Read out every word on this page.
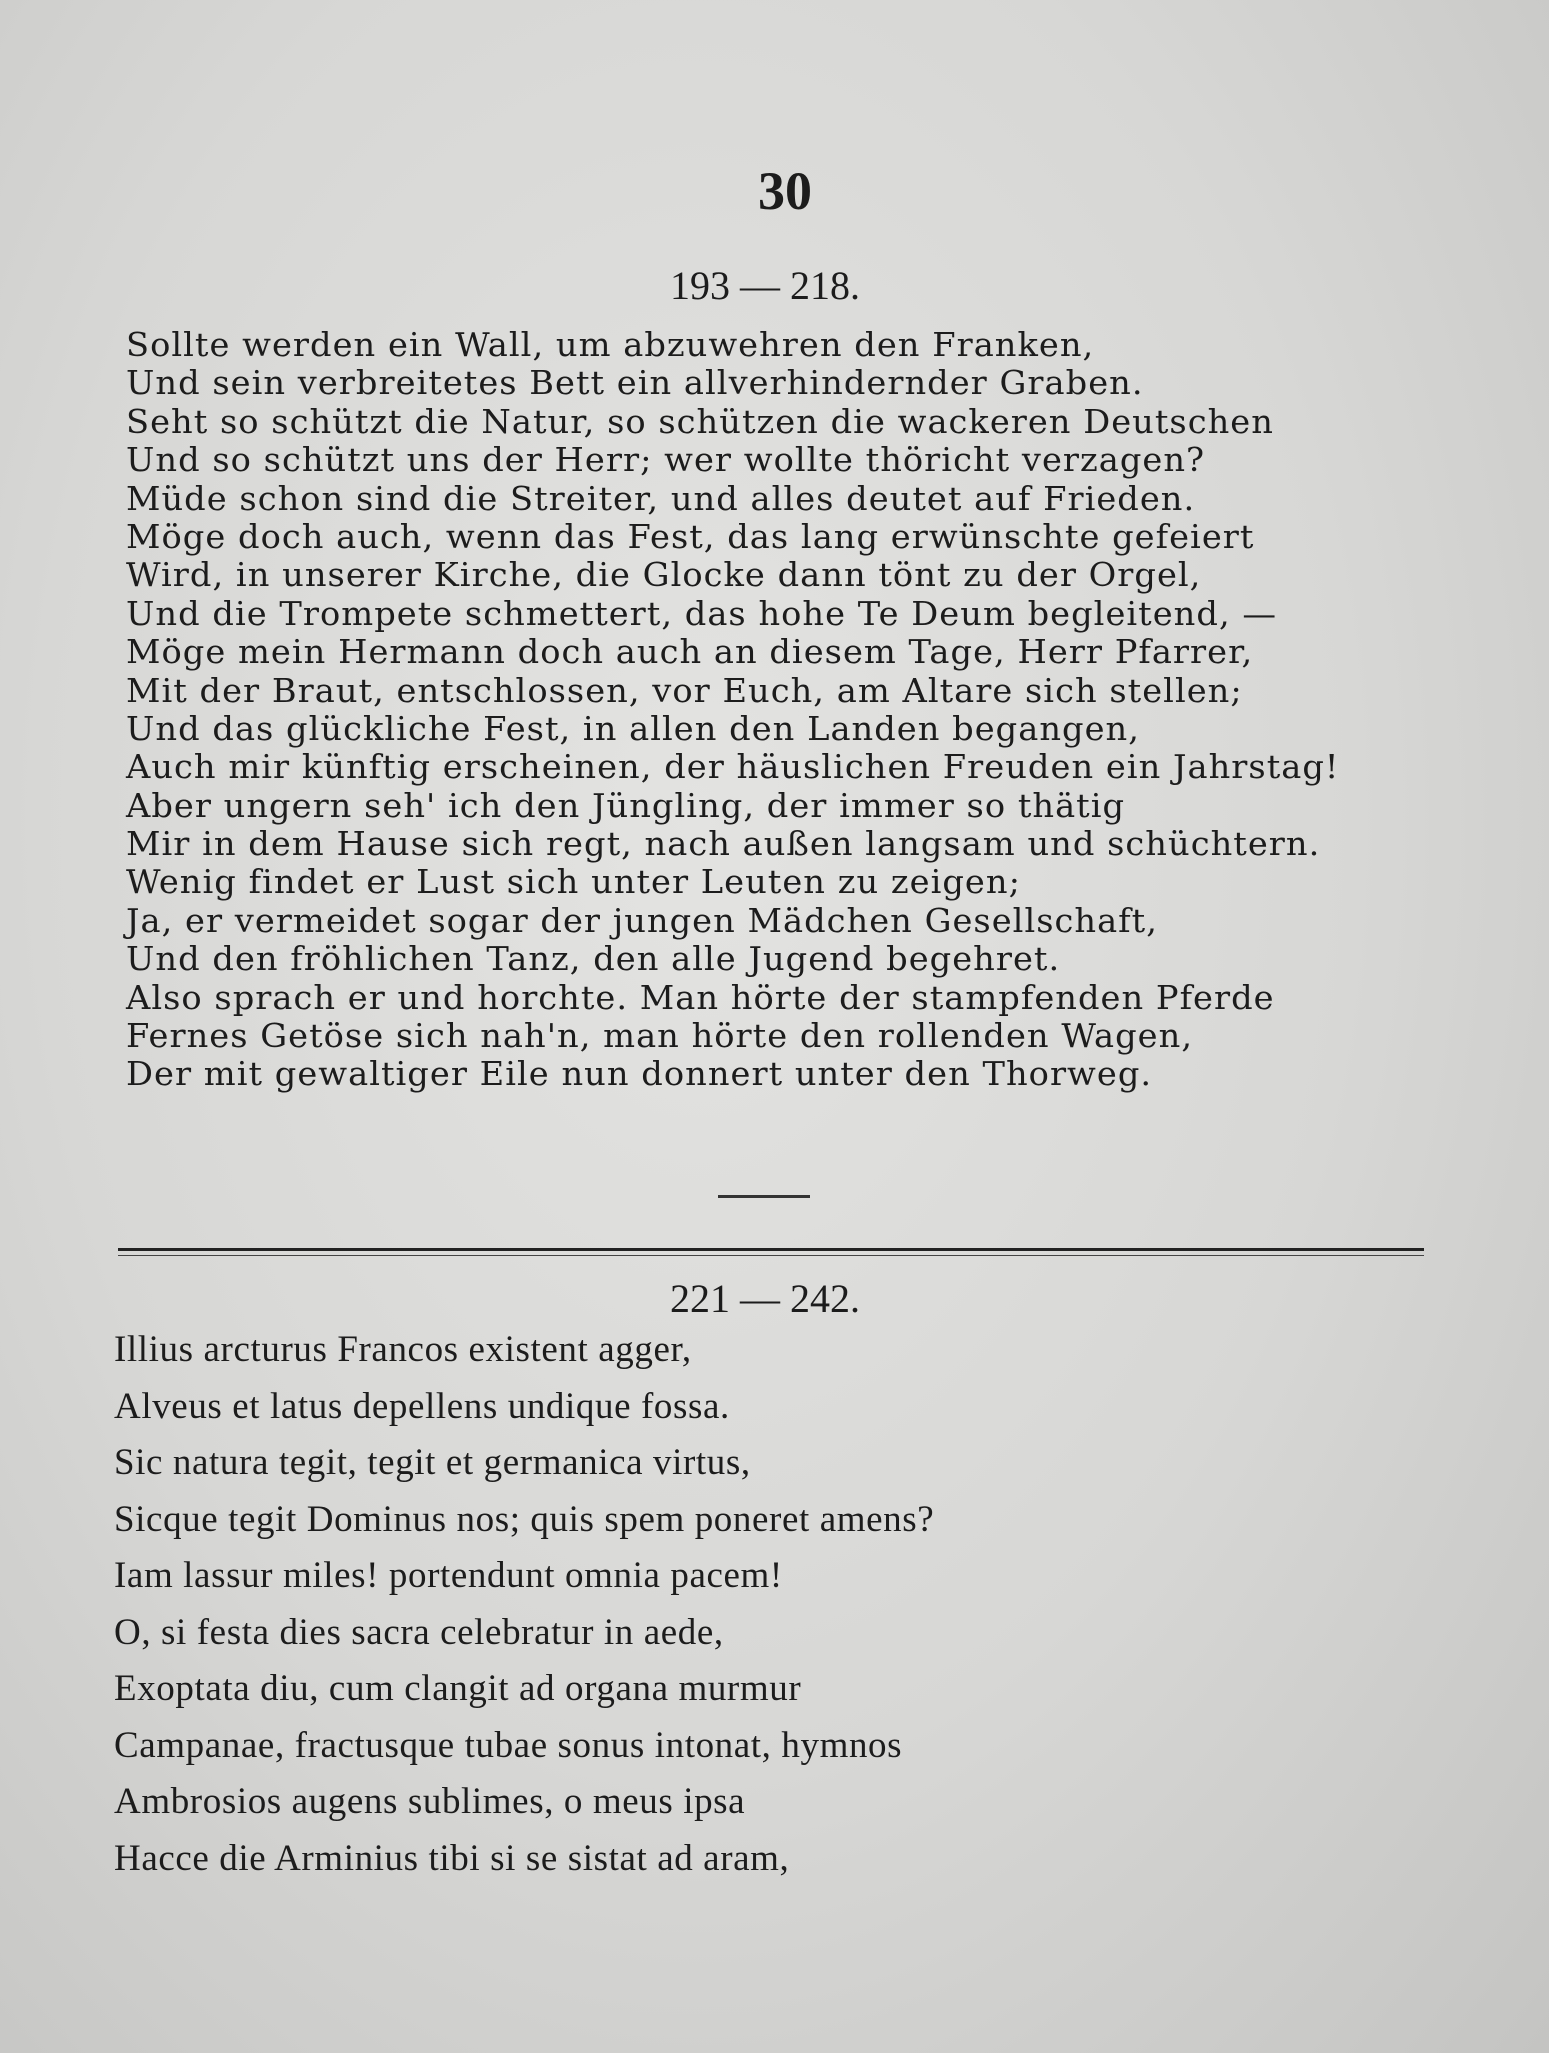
30
193 — 218.
Sollte werden ein Wall, um abzuwehren den Franken,
Und sein verbreitetes Bett ein allverhindernder Graben.
Seht so schützt die Natur, so schützen die wackeren Deutschen
Und so schützt uns der Herr; wer wollte thöricht verzagen?
Müde schon sind die Streiter, und alles deutet auf Frieden.
Möge doch auch, wenn das Fest, das lang erwünschte gefeiert
Wird, in unserer Kirche, die Glocke dann tönt zu der Orgel,
Und die Trompete schmettert, das hohe Te Deum begleitend, —
Möge mein Hermann doch auch an diesem Tage, Herr Pfarrer,
Mit der Braut, entschlossen, vor Euch, am Altare sich stellen;
Und das glückliche Fest, in allen den Landen begangen,
Auch mir künftig erscheinen, der häuslichen Freuden ein Jahrstag!
Aber ungern seh' ich den Jüngling, der immer so thätig
Mir in dem Hause sich regt, nach außen langsam und schüchtern.
Wenig findet er Lust sich unter Leuten zu zeigen;
Ja, er vermeidet sogar der jungen Mädchen Gesellschaft,
Und den fröhlichen Tanz, den alle Jugend begehret.
Also sprach er und horchte. Man hörte der stampfenden Pferde
Fernes Getöse sich nah'n, man hörte den rollenden Wagen,
Der mit gewaltiger Eile nun donnert unter den Thorweg.
221 — 242.
Illius arcturus Francos existent agger,
Alveus et latus depellens undique fossa.
Sic natura tegit, tegit et germanica virtus,
Sicque tegit Dominus nos; quis spem poneret amens?
Iam lassur miles! portendunt omnia pacem!
O, si festa dies sacra celebratur in aede,
Exoptata diu, cum clangit ad organa murmur
Campanae, fractusque tubae sonus intonat, hymnos
Ambrosios augens sublimes, o meus ipsa
Hacce die Arminius tibi si se sistat ad aram,
